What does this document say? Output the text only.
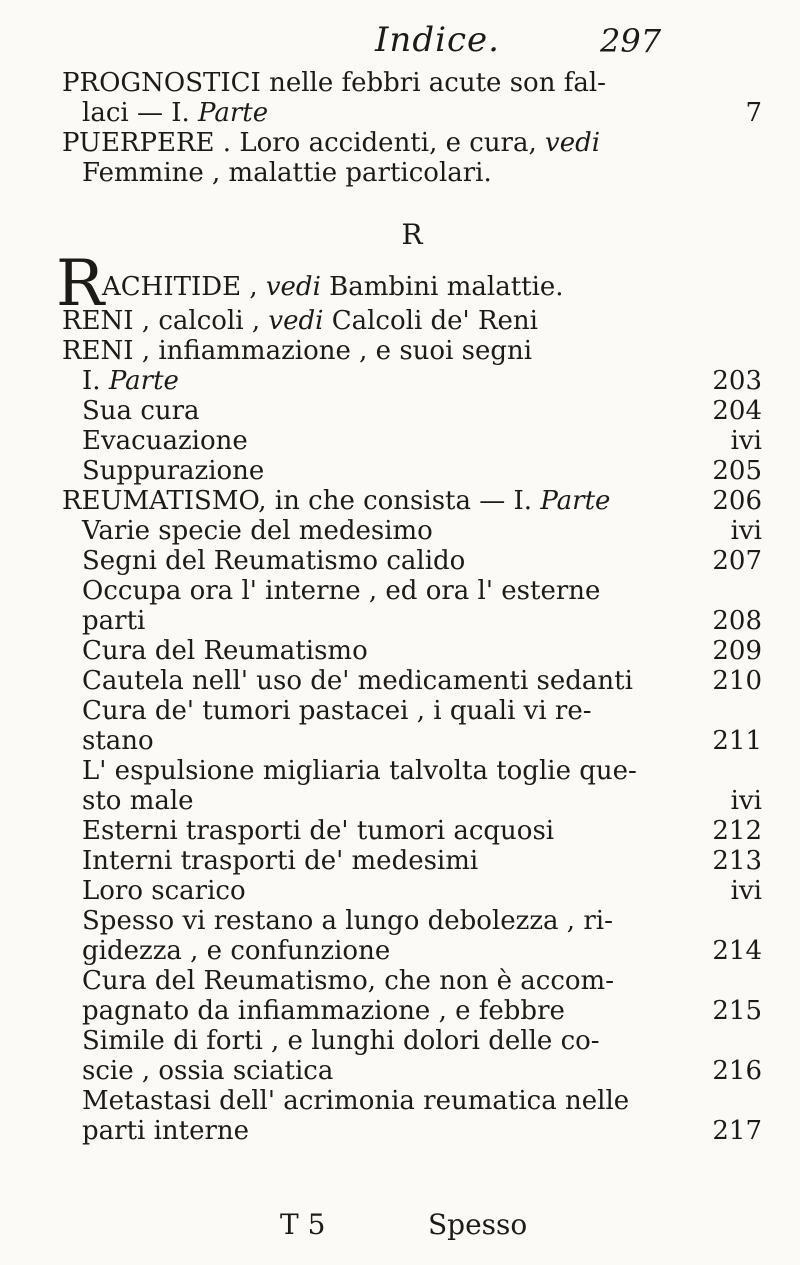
Indice.	297
PROGNOSTICI nelle febbri acute son fal-
laci — I. Parte	7
PUERPERE . Loro accidenti, e cura, vedi
Femmine , malattie particolari.
R
R
ACHITIDE , vedi Bambini malattie.
RENI , calcoli , vedi Calcoli de' Reni
RENI , infiammazione , e suoi segni
I. Parte	203
Sua cura	204
Evacuazione	ivi
Suppurazione	205
REUMATISMO, in che consista — I. Parte	206
Varie specie del medesimo	ivi
Segni del Reumatismo calido	207
Occupa ora l' interne , ed ora l' esterne
parti	208
Cura del Reumatismo	209
Cautela nell' uso de' medicamenti sedanti	210
Cura de' tumori pastacei , i quali vi re-
stano	211
L' espulsione migliaria talvolta toglie que-
sto male	ivi
Esterni trasporti de' tumori acquosi	212
Interni trasporti de' medesimi	213
Loro scarico	ivi
Spesso vi restano a lungo debolezza , ri-
gidezza , e confunzione	214
Cura del Reumatismo, che non è accom-
pagnato da infiammazione , e febbre	215
Simile di forti , e lunghi dolori delle co-
scie , ossia sciatica	216
Metastasi dell' acrimonia reumatica nelle
parti interne	217
T 5	Spesso
